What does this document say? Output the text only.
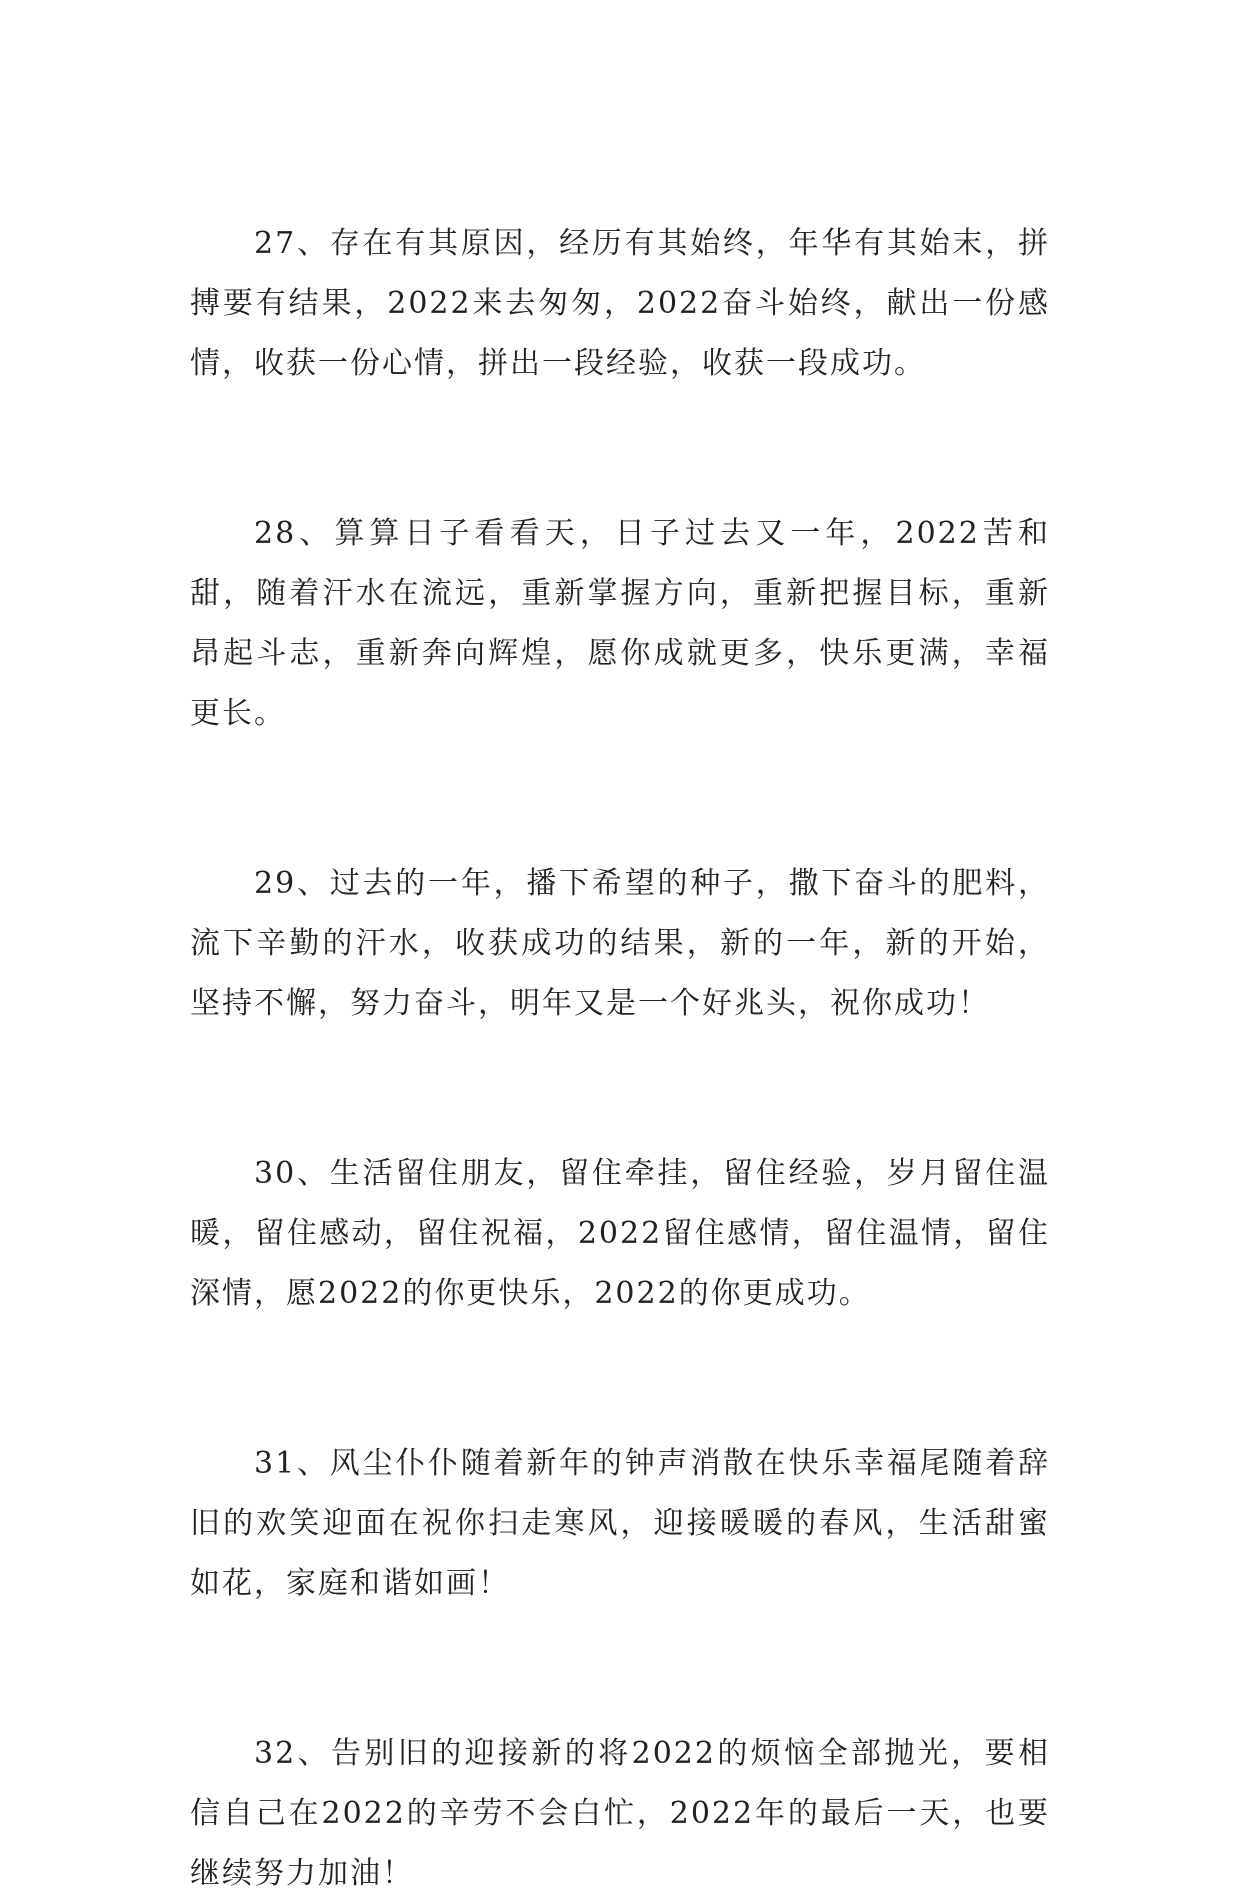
27、存在有其原因，经历有其始终，年华有其始末，拼搏要有结果，2022来去匆匆，2022奋斗始终，献出一份感情，收获一份心情，拼出一段经验，收获一段成功。

28、算算日子看看天，日子过去又一年，2022苦和甜，随着汗水在流远，重新掌握方向，重新把握目标，重新昂起斗志，重新奔向辉煌，愿你成就更多，快乐更满，幸福更长。

29、过去的一年，播下希望的种子，撒下奋斗的肥料，流下辛勤的汗水，收获成功的结果，新的一年，新的开始，坚持不懈，努力奋斗，明年又是一个好兆头，祝你成功！

30、生活留住朋友，留住牵挂，留住经验，岁月留住温暖，留住感动，留住祝福，2022留住感情，留住温情，留住深情，愿2022的你更快乐，2022的你更成功。

31、风尘仆仆随着新年的钟声消散在快乐幸福尾随着辞旧的欢笑迎面在祝你扫走寒风，迎接暖暖的春风，生活甜蜜如花，家庭和谐如画！

32、告别旧的迎接新的将2022的烦恼全部抛光，要相信自己在2022的辛劳不会白忙，2022年的最后一天，也要继续努力加油！
